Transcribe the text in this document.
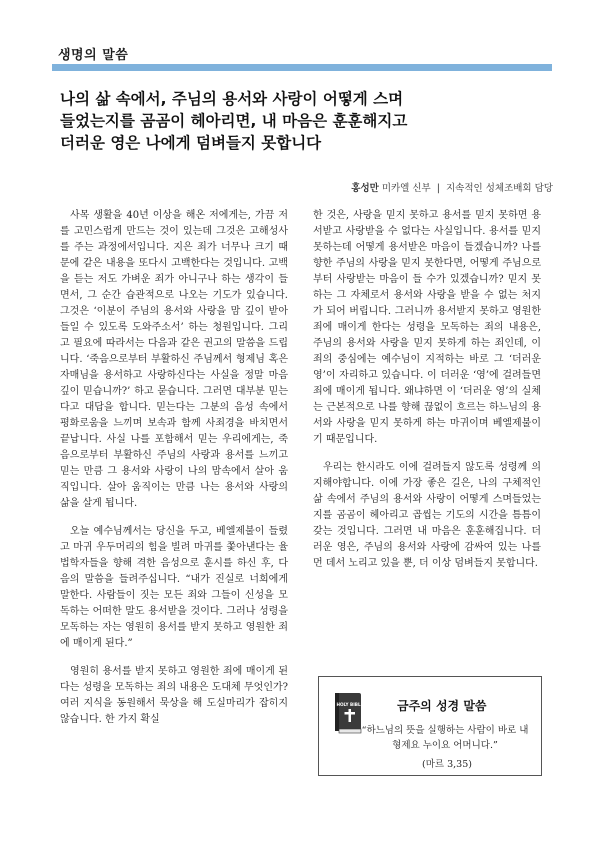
생명의 말씀
나의 삶 속에서, 주님의 용서와 사랑이 어떻게 스며
들었는지를 곰곰이 헤아리면, 내 마음은 훈훈해지고
더러운 영은 나에게 덤벼들지 못합니다
홍성만 미카엘 신부 | 지속적인 성체조배회 담당

사목 생활을 40년 이상을 해온 저에게는, 가끔 저를 고민스럽게 만드는 것이 있는데 그것은 고해성사를 주는 과정에서입니다. 지은 죄가 너무나 크기 때문에 같은 내용을 또다시 고백한다는 것입니다. 고백을 듣는 저도 가벼운 죄가 아니구나 하는 생각이 들면서, 그 순간 습관적으로 나오는 기도가 있습니다. 그것은 ‘이분이 주님의 용서와 사랑을 맘 깊이 받아들일 수 있도록 도와주소서’ 하는 청원입니다. 그리고 필요에 따라서는 다음과 같은 권고의 말씀을 드립니다. ‘죽음으로부터 부활하신 주님께서 형제님 혹은 자매님을 용서하고 사랑하신다는 사실을 정말 마음 깊이 믿습니까?’ 하고 묻습니다. 그러면 대부분 믿는다고 대답을 합니다. 믿는다는 그분의 음성 속에서 평화로움을 느끼며 보속과 함께 사죄경을 바치면서 끝납니다. 사실 나를 포함해서 믿는 우리에게는, 죽음으로부터 부활하신 주님의 사랑과 용서를 느끼고 믿는 만큼 그 용서와 사랑이 나의 맘속에서 살아 움직입니다. 살아 움직이는 만큼 나는 용서와 사랑의 삶을 살게 됩니다.

오늘 예수님께서는 당신을 두고, 베엘제불이 들렸고 마귀 우두머리의 힘을 빌려 마귀를 쫓아낸다는 율법학자들을 향해 격한 음성으로 훈시를 하신 후, 다음의 말씀을 들려주십니다. “내가 진실로 너희에게 말한다. 사람들이 짓는 모든 죄와 그들이 신성을 모독하는 어떠한 말도 용서받을 것이다. 그러나 성령을 모독하는 자는 영원히 용서를 받지 못하고 영원한 죄에 매이게 된다.”

영원히 용서를 받지 못하고 영원한 죄에 매이게 된다는 성령을 모독하는 죄의 내용은 도대체 무엇인가? 여러 지식을 동원해서 묵상을 해 도실마리가 잡히지 않습니다. 한 가지 확실

한 것은, 사랑을 믿지 못하고 용서를 믿지 못하면 용서받고 사랑받을 수 없다는 사실입니다. 용서를 믿지 못하는데 어떻게 용서받은 마음이 들겠습니까? 나를 향한 주님의 사랑을 믿지 못한다면, 어떻게 주님으로부터 사랑받는 마음이 들 수가 있겠습니까? 믿지 못하는 그 자체로서 용서와 사랑을 받을 수 없는 처지가 되어 버립니다. 그러니까 용서받지 못하고 영원한 죄에 매이게 한다는 성령을 모독하는 죄의 내용은, 주님의 용서와 사랑을 믿지 못하게 하는 죄인데, 이 죄의 중심에는 예수님이 지적하는 바로 그 ‘더러운 영’이 자리하고 있습니다. 이 더러운 ‘영’에 걸려들면 죄에 매이게 됩니다. 왜냐하면 이 ‘더러운 영’의 실체는 근본적으로 나를 향해 끊없이 흐르는 하느님의 용서와 사랑을 믿지 못하게 하는 마귀이며 베엘제불이기 때문입니다.

우리는 한시라도 이에 걸려들지 않도록 성령께 의지해야합니다. 이에 가장 좋은 길은, 나의 구체적인 삶 속에서 주님의 용서와 사랑이 어떻게 스며들었는지를 곰곰이 헤아리고 곱씹는 기도의 시간을 틈틈이 갖는 것입니다. 그러면 내 마음은 훈훈해집니다. 더러운 영은, 주님의 용서와 사랑에 감싸여 있는 나를 먼 데서 노리고 있을 뿐, 더 이상 덤벼들지 못합니다.

HOLY BIBLE	금주의 성경 말씀
“하느님의 뜻을 실행하는 사람이 바로 내 형제요 누이요 어머니다.”
(마르 3,35)
